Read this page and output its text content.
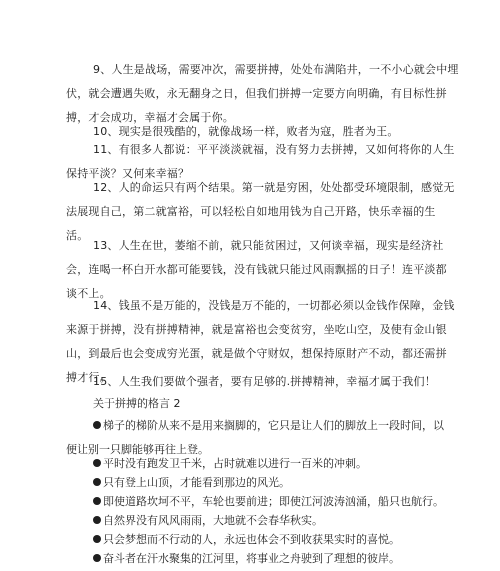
9、人生是战场，需要冲次，需要拼搏，处处布满陷井，一不小心就会中埋
伏，就会遭遇失败，永无翻身之日，但我们拼搏一定要方向明确，有目标性拼
搏，才会成功，幸福才会属于你。
10、现实是很残酷的，就像战场一样，败者为寇，胜者为王。
11、有很多人都说：平平淡淡就福，没有努力去拼搏，又如何将你的人生
保持平淡？又何来幸福？
12、人的命运只有两个结果。第一就是穷困，处处都受环境限制，感觉无
法展现自己，第二就富裕，可以轻松自如地用钱为自己开路，快乐幸福的生
活。
13、人生在世，萎缩不前，就只能贫困过，又何谈幸福，现实是经济社
会，连喝一杯白开水都可能要钱，没有钱就只能过风雨飘摇的日子！连平淡都
谈不上。
14、钱虽不是万能的，没钱是万不能的，一切都必须以金钱作保障，金钱
来源于拼搏，没有拼搏精神，就是富裕也会变贫穷，坐吃山空，及使有金山银
山，到最后也会变成穷光蛋，就是做个守财奴，想保持原財产不动，都还需拼
搏才行。
15、人生我们要做个强者，要有足够的.拼搏精神，幸福才属于我们！
关于拼搏的格言 2
梯子的梯阶从来不是用来搁脚的，它只是让人们的脚放上一段时间，以
便让别一只脚能够再往上登。
平时没有跑发卫千米，占时就难以进行一百米的冲刺。
只有登上山顶，才能看到那边的风光。
即使道路坎坷不平，车轮也要前进；即使江河波涛汹涌，船只也航行。
自然界没有风风雨雨，大地就不会春华秋实。
只会梦想而不行动的人，永远也体会不到收获果实时的喜悦。
奋斗者在汗水聚集的江河里，将事业之舟驶到了理想的彼岸。
